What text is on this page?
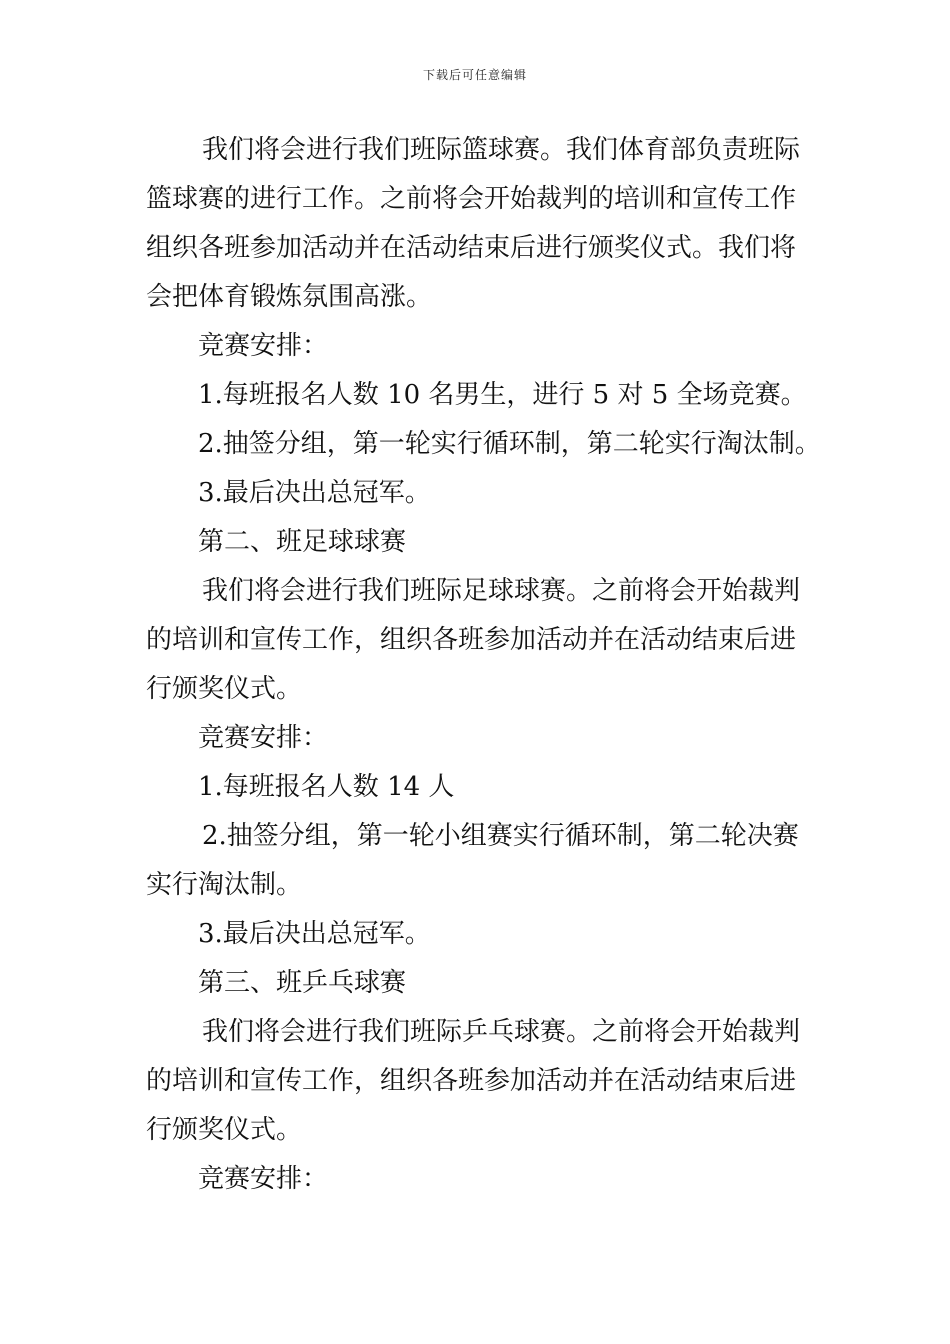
下载后可任意编辑

我们将会进行我们班际篮球赛。我们体育部负责班际

篮球赛的进行工作。之前将会开始裁判的培训和宣传工作

组织各班参加活动并在活动结束后进行颁奖仪式。我们将

会把体育锻炼氛围高涨。

竞赛安排：

1.每班报名人数 10 名男生，进行 5 对 5 全场竞赛。

2.抽签分组，第一轮实行循环制，第二轮实行淘汰制。

3.最后决出总冠军。

第二、班足球球赛

我们将会进行我们班际足球球赛。之前将会开始裁判

的培训和宣传工作，组织各班参加活动并在活动结束后进

行颁奖仪式。

竞赛安排：

1.每班报名人数 14 人

2.抽签分组，第一轮小组赛实行循环制，第二轮决赛

实行淘汰制。

3.最后决出总冠军。

第三、班乒乓球赛

我们将会进行我们班际乒乓球赛。之前将会开始裁判

的培训和宣传工作，组织各班参加活动并在活动结束后进

行颁奖仪式。

竞赛安排：
